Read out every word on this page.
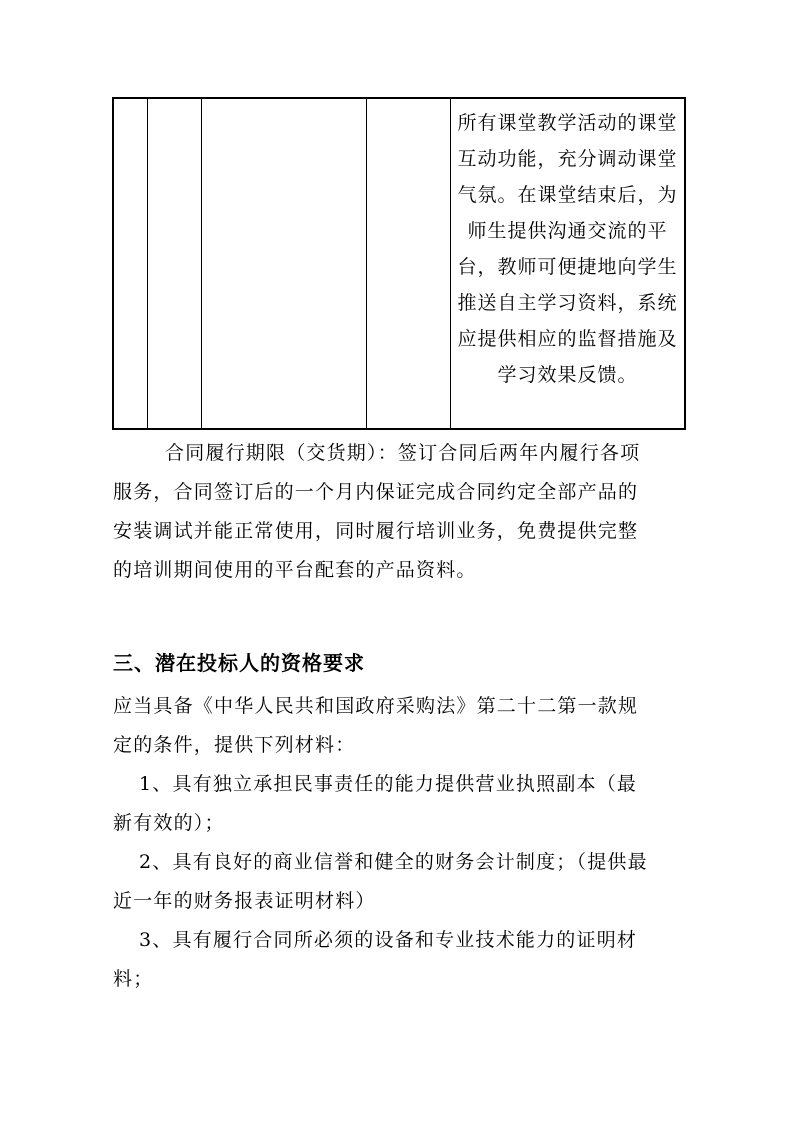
所有课堂教学活动的课堂
互动功能，充分调动课堂
气氛。在课堂结束后，为
师生提供沟通交流的平
台，教师可便捷地向学生
推送自主学习资料，系统
应提供相应的监督措施及
学习效果反馈。
合同履行期限（交货期）：签订合同后两年内履行各项
服务，合同签订后的一个月内保证完成合同约定全部产品的
安装调试并能正常使用，同时履行培训业务，免费提供完整
的培训期间使用的平台配套的产品资料。
三、潜在投标人的资格要求
应当具备《中华人民共和国政府采购法》第二十二第一款规
定的条件，提供下列材料：
1、具有独立承担民事责任的能力提供营业执照副本（最
新有效的）；
2、具有良好的商业信誉和健全的财务会计制度；（提供最
近一年的财务报表证明材料）
3、具有履行合同所必须的设备和专业技术能力的证明材
料；
